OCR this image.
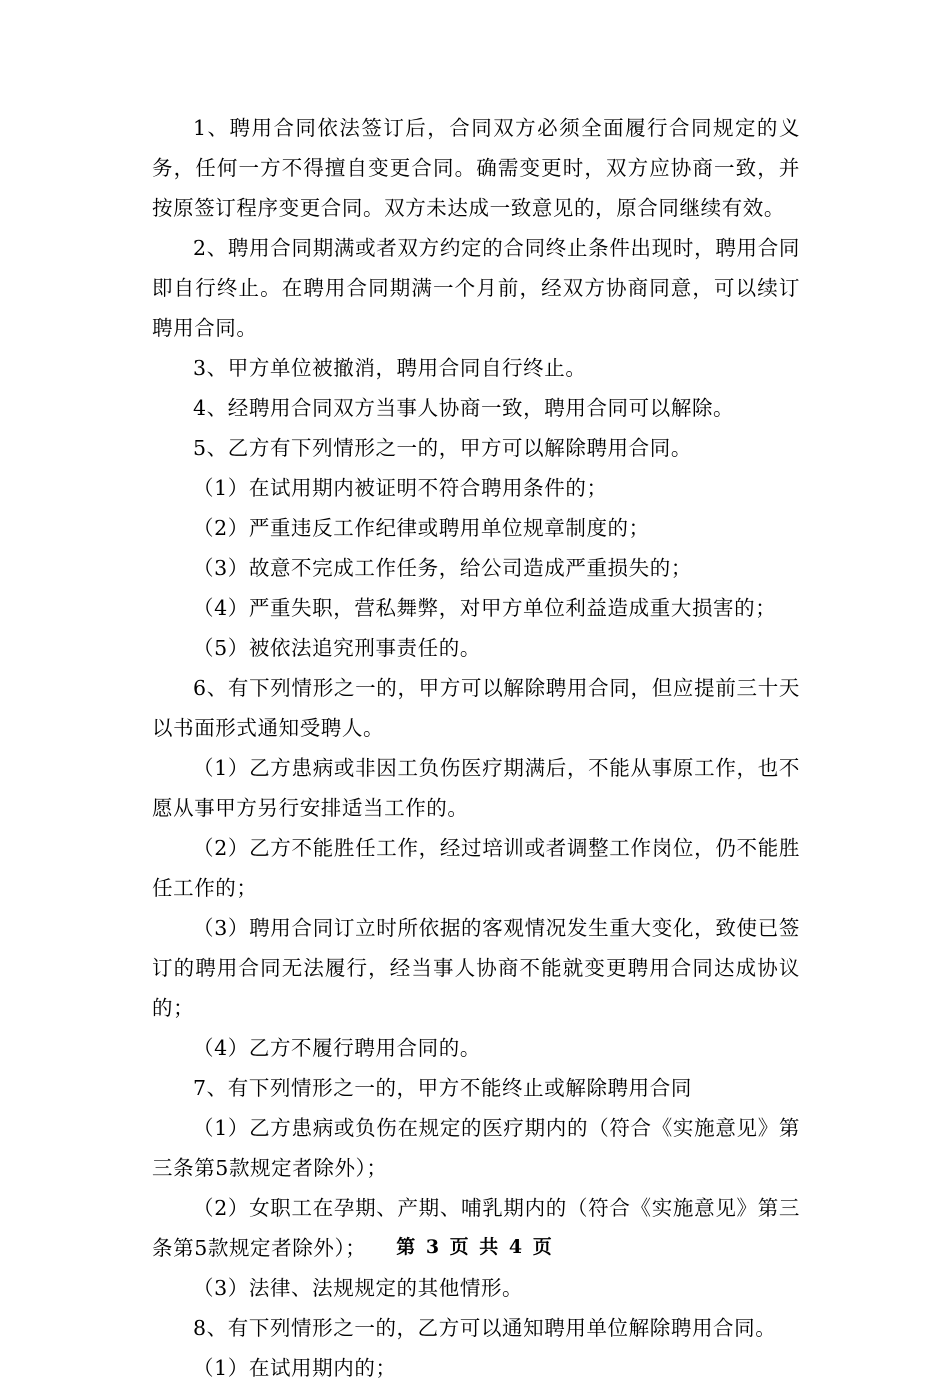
1、聘用合同依法签订后，合同双方必须全面履行合同规定的义务，任何一方不得擅自变更合同。确需变更时，双方应协商一致，并按原签订程序变更合同。双方未达成一致意见的，原合同继续有效。

2、聘用合同期满或者双方约定的合同终止条件出现时，聘用合同即自行终止。在聘用合同期满一个月前，经双方协商同意，可以续订聘用合同。

3、甲方单位被撤消，聘用合同自行终止。

4、经聘用合同双方当事人协商一致，聘用合同可以解除。

5、乙方有下列情形之一的，甲方可以解除聘用合同。

（1）在试用期内被证明不符合聘用条件的；

（2）严重违反工作纪律或聘用单位规章制度的；

（3）故意不完成工作任务，给公司造成严重损失的；

（4）严重失职，营私舞弊，对甲方单位利益造成重大损害的；

（5）被依法追究刑事责任的。

6、有下列情形之一的，甲方可以解除聘用合同，但应提前三十天以书面形式通知受聘人。

（1）乙方患病或非因工负伤医疗期满后，不能从事原工作，也不愿从事甲方另行安排适当工作的。

（2）乙方不能胜任工作，经过培训或者调整工作岗位，仍不能胜任工作的；

（3）聘用合同订立时所依据的客观情况发生重大变化，致使已签订的聘用合同无法履行，经当事人协商不能就变更聘用合同达成协议的；

（4）乙方不履行聘用合同的。

7、有下列情形之一的，甲方不能终止或解除聘用合同

（1）乙方患病或负伤在规定的医疗期内的（符合《实施意见》第三条第5款规定者除外）；

（2）女职工在孕期、产期、哺乳期内的（符合《实施意见》第三条第5款规定者除外）；

（3）法律、法规规定的其他情形。

8、有下列情形之一的，乙方可以通知聘用单位解除聘用合同。

（1）在试用期内的；

第 3 页 共 4 页
